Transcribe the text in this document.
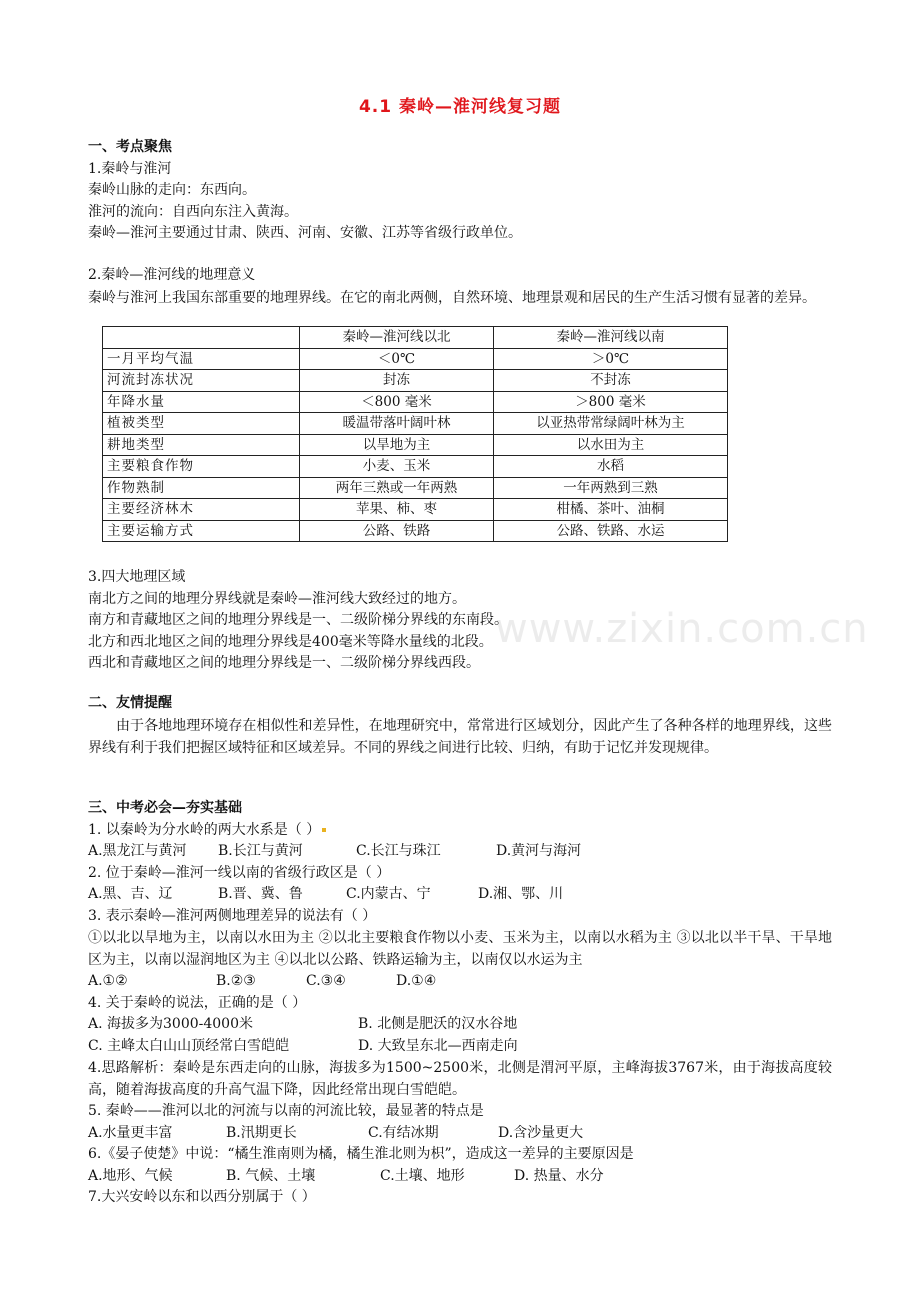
www.zixin.com.cn
4.1 秦岭—淮河线复习题
一、考点聚焦
1.秦岭与淮河
秦岭山脉的走向：东西向。
淮河的流向：自西向东注入黄海。
秦岭—淮河主要通过甘肃、陕西、河南、安徽、江苏等省级行政单位。
2.秦岭—淮河线的地理意义
秦岭与淮河上我国东部重要的地理界线。在它的南北两侧，自然环境、地理景观和居民的生产生活习惯有显著的差异。
	秦岭—淮河线以北	秦岭—淮河线以南
一月平均气温	＜0℃	＞0℃
河流封冻状况	封冻	不封冻
年降水量	＜800 毫米	＞800 毫米
植被类型	暖温带落叶阔叶林	以亚热带常绿阔叶林为主
耕地类型	以旱地为主	以水田为主
主要粮食作物	小麦、玉米	水稻
作物熟制	两年三熟或一年两熟	一年两熟到三熟
主要经济林木	苹果、柿、枣	柑橘、茶叶、油桐
主要运输方式	公路、铁路	公路、铁路、水运
3.四大地理区域
南北方之间的地理分界线就是秦岭—淮河线大致经过的地方。
南方和青藏地区之间的地理分界线是一、二级阶梯分界线的东南段。
北方和西北地区之间的地理分界线是400毫米等降水量线的北段。
西北和青藏地区之间的地理分界线是一、二级阶梯分界线西段。
二、友情提醒
由于各地地理环境存在相似性和差异性，在地理研究中，常常进行区域划分，因此产生了各种各样的地理界线，这些界线有利于我们把握区域特征和区域差异。不同的界线之间进行比较、归纳，有助于记忆并发现规律。
三、中考必会—夯实基础
1. 以秦岭为分水岭的两大水系是（ ）
A.黑龙江与黄河 B.长江与黄河	C.长江与珠江	D.黄河与海河
2. 位于秦岭—淮河一线以南的省级行政区是（ ）
A.黑、吉、辽	B.晋、冀、鲁	C.内蒙古、宁	D.湘、鄂、川
3. 表示秦岭—淮河两侧地理差异的说法有（ ）
①以北以旱地为主，以南以水田为主 ②以北主要粮食作物以小麦、玉米为主，以南以水稻为主 ③以北以半干旱、干旱地区为主，以南以湿润地区为主 ④以北以公路、铁路运输为主，以南仅以水运为主
A.①②	B.②③	C.③④	D.①④
4. 关于秦岭的说法，正确的是（ ）
A. 海拔多为3000-4000米	B. 北侧是肥沃的汉水谷地
C. 主峰太白山山顶经常白雪皑皑	D. 大致呈东北—西南走向
4.思路解析：秦岭是东西走向的山脉，海拔多为1500~2500米，北侧是渭河平原，主峰海拔3767米，由于海拔高度较高，随着海拔高度的升高气温下降，因此经常出现白雪皑皑。
5. 秦岭——淮河以北的河流与以南的河流比较，最显著的特点是
A.水量更丰富	B.汛期更长	C.有结冰期	D.含沙量更大
6.《晏子使楚》中说：“橘生淮南则为橘，橘生淮北则为枳”，造成这一差异的主要原因是
A.地形、气候	B. 气候、土壤	C.土壤、地形	D. 热量、水分
7.大兴安岭以东和以西分别属于（ ）
